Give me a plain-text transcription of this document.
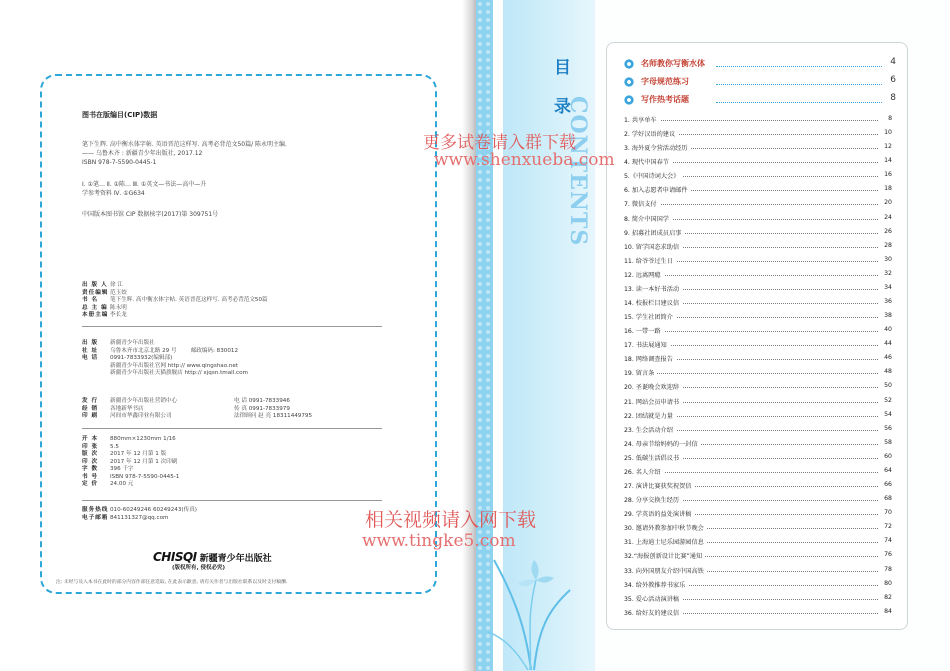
图书在版编目(CIP)数据
笔下生辉. 高中衡水体字帖. 英语晋范这样写. 高考必背范文50篇/ 陈永明主编.
—— 乌鲁木齐 : 新疆青少年出版社, 2017.12
ISBN 978-7-5590-0445-1
Ⅰ. ①笔… Ⅱ. ①陈… Ⅲ. ①英文—书法—高中—升
学参考资料 Ⅳ. ①G634
中国版本图书馆 CIP 数据核字(2017)第 309751号
出 版 人 徐 江
责任编辑 范玉姣
书 名 笔下生辉. 高中衡水体字帖. 英语晋范这样写. 高考必背范文50篇
总 主 编 陈永明
本册主编 李长龙
出 版 新疆青少年出版社
社 址 乌鲁木齐市北京北路 29 号	邮政编码: 830012
电 话 0991-7833932(编辑部)
新疆青少年出版社官网 http:// www.qingshao.net
新疆青少年出版社天猫旗舰店 http:// xjqsn.tmall.com
发 行 新疆青少年出版社营销中心	电 话 0991-7833946
经 销 各地新华书店	传 真 0991-7833979
印 刷 河间市华鑫印业有限公司	法律顾问 赵 亮 18311449795
开 本 880mm×1230mm 1/16
印 张 5.5
版 次 2017 年 12 月第 1 版
印 次 2017 年 12 月第 1 次印刷
字 数 396 千字
书 号 ISBN 978-7-5590-0445-1
定 价 24.00 元
服务热线 010-60249246 60249243(传真)
电子邮箱 841131327@qq.com
CHISQI 新疆青少年出版社
(版权所有, 侵权必究)
注: 未经与及入本书在此时的部分内容作部任意选取, 在此表示歉意, 请有关作者与出版社联系以及时支付稿酬.
目录
CONTENTS
名师教你写衡水体	4
字母规范练习	6
写作热考话题	8
1. 共享单车	8
2. 学好汉语的建议	10
3. 海外夏令营活动经历	12
4. 现代中国春节	14
5.《中国诗词大会》	16
6. 加入志愿者申请邮件	18
7. 微信支付	20
8. 简介中国国学	24
9. 招募社团成员启事	26
10. 留学国态求助信	28
11. 给爷爷过生日	30
12. 远离网瘾	32
13. 读一本好书活动	34
14. 校报栏目建议信	36
15. 学生社团简介	38
16. 一带一路	40
17. 书法展通知	44
18. 网络调查报告	46
19. 留言条	48
20. 圣诞晚会欢迎辞	50
21. 网站会员申请书	52
22. 团结就是力量	54
23. 生会活动介绍	56
24. 母亲节给妈妈的一封信	58
25. 低碳生活倡议书	60
26. 名人介绍	64
27. 演讲比赛获奖祝贺信	66
28. 分享交换生经历	68
29. 学英语的益处演讲稿	70
30. 邀请外教参加中秋节晚会	72
31. 上海迪士尼乐园游园信息	74
32.“海报创新设计比赛”通知	76
33. 向外国朋友介绍中国高铁	78
34. 给外教推荐书家乐	80
35. 爱心活动演讲稿	82
36. 给好友的建议信	84
更多试卷请入群下载
www.shenxueba.com
相关视频请入网下载
www.tingke5.com
